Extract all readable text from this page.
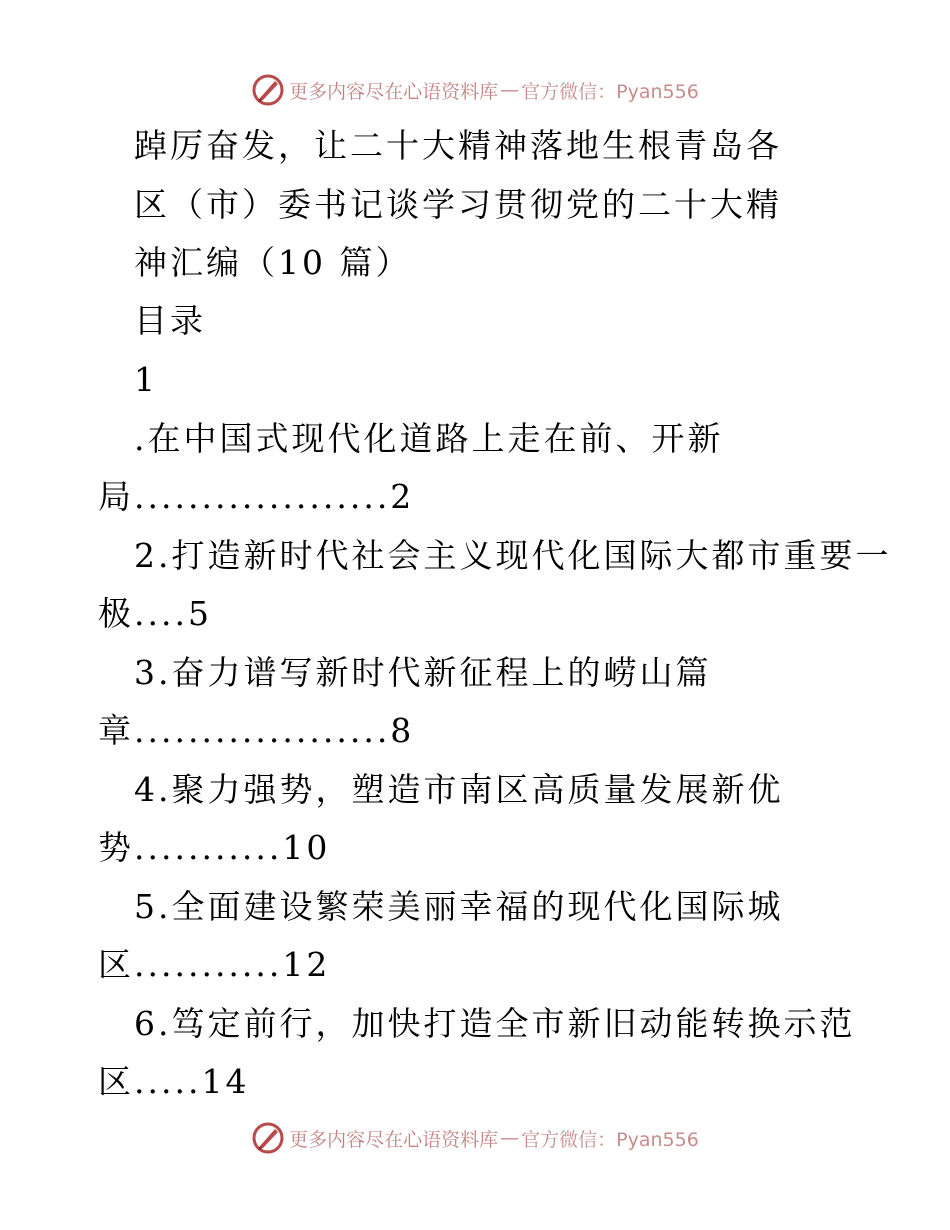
更多内容尽在心语资料库 — 官方微信：Pyan556
踔厉奋发，让二十大精神落地生根青岛各
区（市）委书记谈学习贯彻党的二十大精
神汇编（10 篇）
目录
1
.在中国式现代化道路上走在前、开新
局...................2
2.打造新时代社会主义现代化国际大都市重要一
极....5
3.奋力谱写新时代新征程上的崂山篇
章...................8
4.聚力强势，塑造市南区高质量发展新优
势...........10
5.全面建设繁荣美丽幸福的现代化国际城
区...........12
6.笃定前行，加快打造全市新旧动能转换示范
区.....14
更多内容尽在心语资料库 — 官方微信：Pyan556
